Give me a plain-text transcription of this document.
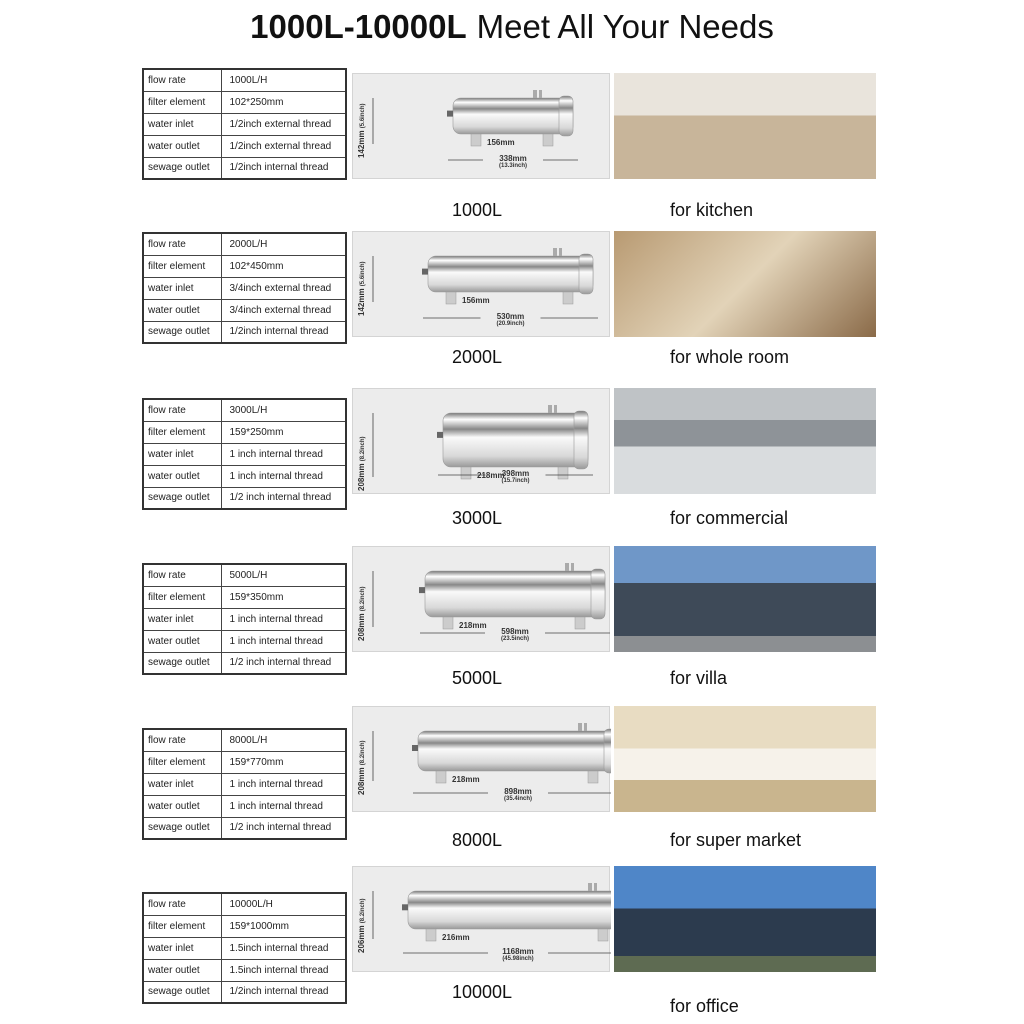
1000L-10000L Meet All Your Needs
flow rate	1000L/H
filter element	102*250mm
water inlet	1/2inch external thread
water outlet	1/2inch external thread
sewage outlet	1/2inch internal thread
142mm (5.6inch)
156mm
338mm
(13.3inch)
1000L	for kitchen
flow rate	2000L/H
filter element	102*450mm
water inlet	3/4inch external thread
water outlet	3/4inch external thread
sewage outlet	1/2inch internal thread
142mm (5.6inch)
156mm
530mm
(20.9inch)
2000L	for whole room
flow rate	3000L/H
filter element	159*250mm
water inlet	1 inch internal thread
water outlet	1 inch internal thread
sewage outlet	1/2 inch internal thread
208mm (8.2inch)
218mm
398mm
(15.7inch)
3000L	for commercial
flow rate	5000L/H
filter element	159*350mm
water inlet	1 inch internal thread
water outlet	1 inch internal thread
sewage outlet	1/2 inch internal thread
208mm (8.2inch)
218mm
598mm
(23.5inch)
5000L	for villa
flow rate	8000L/H
filter element	159*770mm
water inlet	1 inch internal thread
water outlet	1 inch internal thread
sewage outlet	1/2 inch internal thread
208mm (8.2inch)
218mm
898mm
(35.4inch)
8000L	for super market
flow rate	10000L/H
filter element	159*1000mm
water inlet	1.5inch internal thread
water outlet	1.5inch internal thread
sewage outlet	1/2inch internal thread
206mm (8.2inch)
216mm
1168mm
(45.98inch)
10000L
for office
